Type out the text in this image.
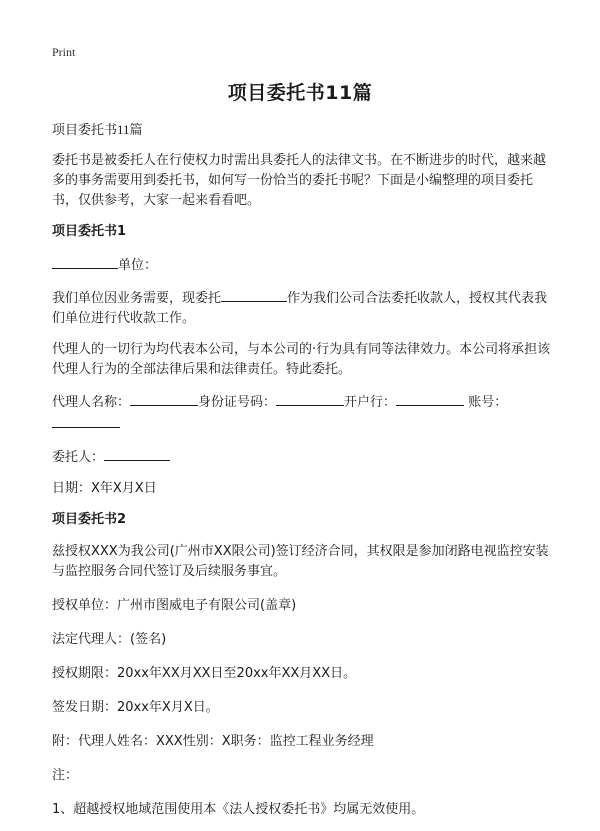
Print
项目委托书11篇

项目委托书11篇

委托书是被委托人在行使权力时需出具委托人的法律文书。在不断进步的时代，越来越多的事务需要用到委托书，如何写一份恰当的委托书呢？下面是小编整理的项目委托书，仅供参考，大家一起来看看吧。

项目委托书1

单位：

我们单位因业务需要，现委托	作为我们公司合法委托收款人，授权其代表我们单位进行代收款工作。

代理人的一切行为均代表本公司，与本公司的·行为具有同等法律效力。本公司将承担该代理人行为的全部法律后果和法律责任。特此委托。

代理人名称：	身份证号码：	开户行：	账号：

委托人：

日期：X年X月X日

项目委托书2

兹授权XXX为我公司(广州市XX限公司)签订经济合同，其权限是参加闭路电视监控安装与监控服务合同代签订及后续服务事宜。

授权单位：广州市图威电子有限公司(盖章)

法定代理人：(签名)

授权期限：20xx年XX月XX日至20xx年XX月XX日。

签发日期：20xx年X月X日。

附：代理人姓名：XXX性别：X职务：监控工程业务经理

注：

1、超越授权地域范围使用本《法人授权委托书》均属无效使用。
